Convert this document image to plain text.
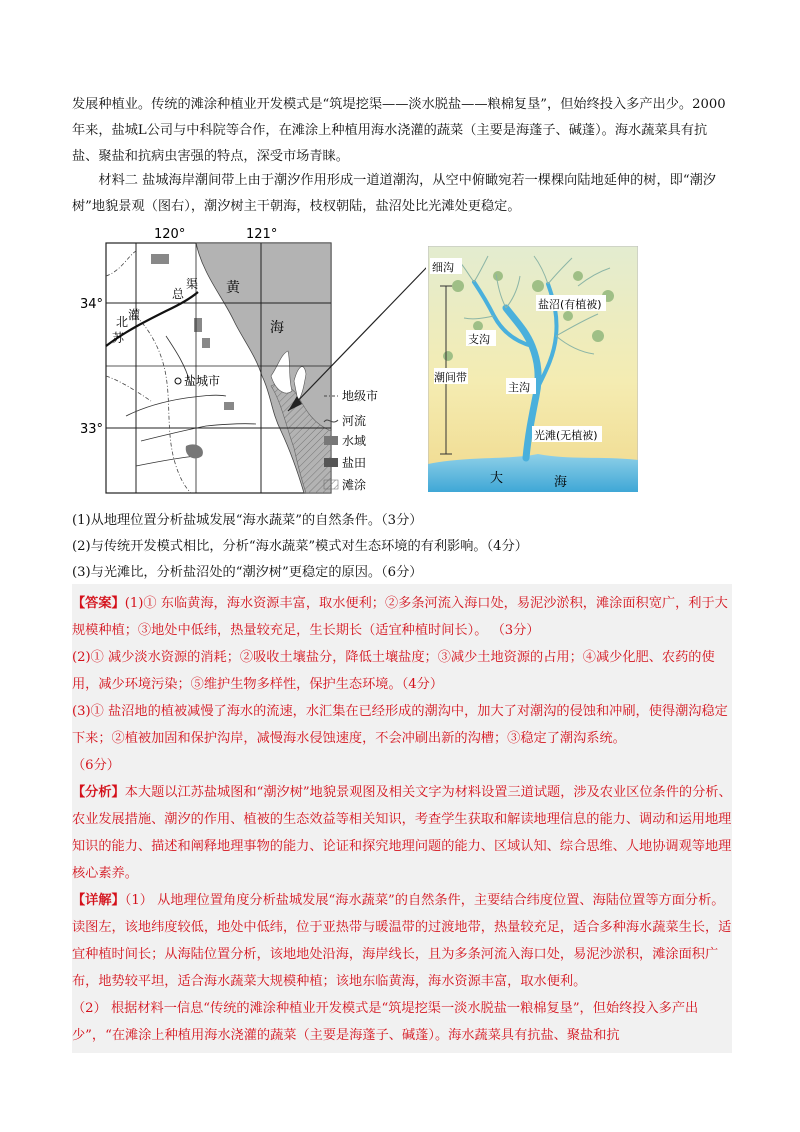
发展种植业。传统的滩涂种植业开发模式是“筑堤挖渠——淡水脱盐——粮棉复垦”，但始终投入多产出少。2000年来，盐城L公司与中科院等合作，在滩涂上种植用海水浇灌的蔬菜（主要是海蓬子、碱蓬）。海水蔬菜具有抗盐、聚盐和抗病虫害强的特点，深受市场青睐。
材料二 盐城海岸潮间带上由于潮汐作用形成一道道潮沟，从空中俯瞰宛若一棵棵向陆地延伸的树，即“潮汐树”地貌景观（图右），潮汐树主干朝海，枝杈朝陆，盐沼处比光滩处更稳定。
盐城市
120°	121°
34°
33°
黄
海
灌
总
渠
北
苏
地级市
河流
水域
盐田
滩涂
细沟
盐沼(有植被)
支沟
潮间带
主沟
光滩(无植被)
大	海
(1)从地理位置分析盐城发展“海水蔬菜”的自然条件。（3分）
(2)与传统开发模式相比，分析“海水蔬菜”模式对生态环境的有利影响。（4分）
(3)与光滩比，分析盐沼处的“潮汐树”更稳定的原因。（6分）

【答案】(1)① 东临黄海，海水资源丰富，取水便利；②多条河流入海口处，易泥沙淤积，滩涂面积宽广，利于大规模种植；③地处中低纬，热量较充足，生长期长（适宜种植时间长）。 （3分）

(2)① 减少淡水资源的消耗；②吸收土壤盐分，降低土壤盐度；③减少土地资源的占用；④减少化肥、农药的使用，减少环境污染；⑤维护生物多样性，保护生态环境。（4分）

(3)① 盐沼地的植被减慢了海水的流速，水汇集在已经形成的潮沟中，加大了对潮沟的侵蚀和冲刷，使得潮沟稳定下来；②植被加固和保护沟岸，减慢海水侵蚀速度，不会冲刷出新的沟槽；③稳定了潮沟系统。

（6分）

【分析】本大题以江苏盐城图和“潮汐树”地貌景观图及相关文字为材料设置三道试题，涉及农业区位条件的分析、农业发展措施、潮汐的作用、植被的生态效益等相关知识，考查学生获取和解读地理信息的能力、调动和运用地理知识的能力、描述和阐释地理事物的能力、论证和探究地理问题的能力、区域认知、综合思维、人地协调观等地理核心素养。

【详解】（1） 从地理位置角度分析盐城发展“海水蔬菜”的自然条件，主要结合纬度位置、海陆位置等方面分析。读图左，该地纬度较低，地处中低纬，位于亚热带与暖温带的过渡地带，热量较充足，适合多种海水蔬菜生长，适宜种植时间长；从海陆位置分析，该地地处沿海，海岸线长，且为多条河流入海口处，易泥沙淤积，滩涂面积广布，地势较平坦，适合海水蔬菜大规模种植；该地东临黄海，海水资源丰富，取水便利。

（2） 根据材料一信息“传统的滩涂种植业开发模式是“筑堤挖渠一淡水脱盐一粮棉复垦”，但始终投入多产出少”，“在滩涂上种植用海水浇灌的蔬菜（主要是海蓬子、碱蓬）。海水蔬菜具有抗盐、聚盐和抗
